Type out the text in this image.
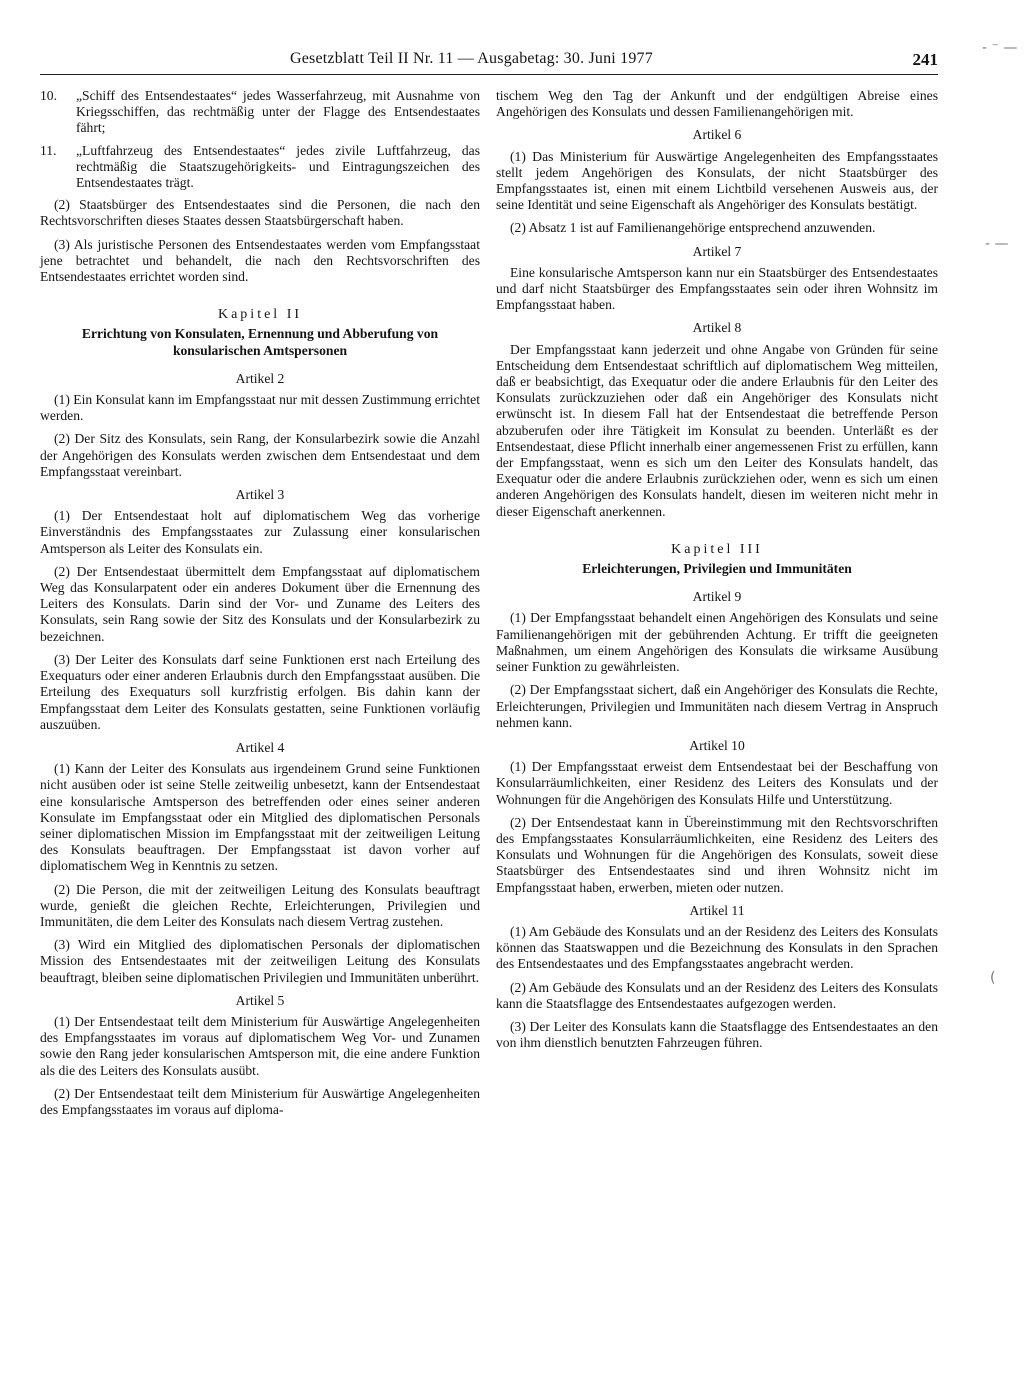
Gesetzblatt Teil II Nr. 11 — Ausgabetag: 30. Juni 1977	241
‐ ⁻ —
‐ —
(
10.	„Schiff des Entsendestaates“ jedes Wasserfahrzeug, mit Ausnahme von Kriegsschiffen, das rechtmäßig unter der Flagge des Entsendestaates fährt;
11.	„Luftfahrzeug des Entsendestaates“ jedes zivile Luftfahrzeug, das rechtmäßig die Staatszugehörigkeits- und Eintragungszeichen des Entsendestaates trägt.

(2) Staatsbürger des Entsendestaates sind die Personen, die nach den Rechtsvorschriften dieses Staates dessen Staatsbürgerschaft haben.

(3) Als juristische Personen des Entsendestaates werden vom Empfangsstaat jene betrachtet und behandelt, die nach den Rechtsvorschriften des Entsendestaates errichtet worden sind.

Kapitel II
Errichtung von Konsulaten, Ernennung und Abberufung von konsularischen Amtspersonen
Artikel 2

(1) Ein Konsulat kann im Empfangsstaat nur mit dessen Zustimmung errichtet werden.

(2) Der Sitz des Konsulats, sein Rang, der Konsularbezirk sowie die Anzahl der Angehörigen des Konsulats werden zwischen dem Entsendestaat und dem Empfangsstaat vereinbart.

Artikel 3

(1) Der Entsendestaat holt auf diplomatischem Weg das vorherige Einverständnis des Empfangsstaates zur Zulassung einer konsularischen Amtsperson als Leiter des Konsulats ein.

(2) Der Entsendestaat übermittelt dem Empfangsstaat auf diplomatischem Weg das Konsularpatent oder ein anderes Dokument über die Ernennung des Leiters des Konsulats. Darin sind der Vor- und Zuname des Leiters des Konsulats, sein Rang sowie der Sitz des Konsulats und der Konsularbezirk zu bezeichnen.

(3) Der Leiter des Konsulats darf seine Funktionen erst nach Erteilung des Exequaturs oder einer anderen Erlaubnis durch den Empfangsstaat ausüben. Die Erteilung des Exequaturs soll kurzfristig erfolgen. Bis dahin kann der Empfangsstaat dem Leiter des Konsulats gestatten, seine Funktionen vorläufig auszuüben.

Artikel 4

(1) Kann der Leiter des Konsulats aus irgendeinem Grund seine Funktionen nicht ausüben oder ist seine Stelle zeitweilig unbesetzt, kann der Entsendestaat eine konsularische Amtsperson des betreffenden oder eines seiner anderen Konsulate im Empfangsstaat oder ein Mitglied des diplomatischen Personals seiner diplomatischen Mission im Empfangsstaat mit der zeitweiligen Leitung des Konsulats beauftragen. Der Empfangsstaat ist davon vorher auf diplomatischem Weg in Kenntnis zu setzen.

(2) Die Person, die mit der zeitweiligen Leitung des Konsulats beauftragt wurde, genießt die gleichen Rechte, Erleichterungen, Privilegien und Immunitäten, die dem Leiter des Konsulats nach diesem Vertrag zustehen.

(3) Wird ein Mitglied des diplomatischen Personals der diplomatischen Mission des Entsendestaates mit der zeitweiligen Leitung des Konsulats beauftragt, bleiben seine diplomatischen Privilegien und Immunitäten unberührt.

Artikel 5

(1) Der Entsendestaat teilt dem Ministerium für Auswärtige Angelegenheiten des Empfangsstaates im voraus auf diplomatischem Weg Vor- und Zunamen sowie den Rang jeder konsularischen Amtsperson mit, die eine andere Funktion als die des Leiters des Konsulats ausübt.

(2) Der Entsendestaat teilt dem Ministerium für Auswärtige Angelegenheiten des Empfangsstaates im voraus auf diploma-

tischem Weg den Tag der Ankunft und der endgültigen Abreise eines Angehörigen des Konsulats und dessen Familienangehörigen mit.

Artikel 6

(1) Das Ministerium für Auswärtige Angelegenheiten des Empfangsstaates stellt jedem Angehörigen des Konsulats, der nicht Staatsbürger des Empfangsstaates ist, einen mit einem Lichtbild versehenen Ausweis aus, der seine Identität und seine Eigenschaft als Angehöriger des Konsulats bestätigt.

(2) Absatz 1 ist auf Familienangehörige entsprechend anzuwenden.

Artikel 7

Eine konsularische Amtsperson kann nur ein Staatsbürger des Entsendestaates und darf nicht Staatsbürger des Empfangsstaates sein oder ihren Wohnsitz im Empfangsstaat haben.

Artikel 8

Der Empfangsstaat kann jederzeit und ohne Angabe von Gründen für seine Entscheidung dem Entsendestaat schriftlich auf diplomatischem Weg mitteilen, daß er beabsichtigt, das Exequatur oder die andere Erlaubnis für den Leiter des Konsulats zurückzuziehen oder daß ein Angehöriger des Konsulats nicht erwünscht ist. In diesem Fall hat der Entsendestaat die betreffende Person abzuberufen oder ihre Tätigkeit im Konsulat zu beenden. Unterläßt es der Entsendestaat, diese Pflicht innerhalb einer angemessenen Frist zu erfüllen, kann der Empfangsstaat, wenn es sich um den Leiter des Konsulats handelt, das Exequatur oder die andere Erlaubnis zurückziehen oder, wenn es sich um einen anderen Angehörigen des Konsulats handelt, diesen im weiteren nicht mehr in dieser Eigenschaft anerkennen.

Kapitel III
Erleichterungen, Privilegien und Immunitäten
Artikel 9

(1) Der Empfangsstaat behandelt einen Angehörigen des Konsulats und seine Familienangehörigen mit der gebührenden Achtung. Er trifft die geeigneten Maßnahmen, um einem Angehörigen des Konsulats die wirksame Ausübung seiner Funktion zu gewährleisten.

(2) Der Empfangsstaat sichert, daß ein Angehöriger des Konsulats die Rechte, Erleichterungen, Privilegien und Immunitäten nach diesem Vertrag in Anspruch nehmen kann.

Artikel 10

(1) Der Empfangsstaat erweist dem Entsendestaat bei der Beschaffung von Konsularräumlichkeiten, einer Residenz des Leiters des Konsulats und der Wohnungen für die Angehörigen des Konsulats Hilfe und Unterstützung.

(2) Der Entsendestaat kann in Übereinstimmung mit den Rechtsvorschriften des Empfangsstaates Konsularräumlichkeiten, eine Residenz des Leiters des Konsulats und Wohnungen für die Angehörigen des Konsulats, soweit diese Staatsbürger des Entsendestaates sind und ihren Wohnsitz nicht im Empfangsstaat haben, erwerben, mieten oder nutzen.

Artikel 11

(1) Am Gebäude des Konsulats und an der Residenz des Leiters des Konsulats können das Staatswappen und die Bezeichnung des Konsulats in den Sprachen des Entsendestaates und des Empfangsstaates angebracht werden.

(2) Am Gebäude des Konsulats und an der Residenz des Leiters des Konsulats kann die Staatsflagge des Entsendestaates aufgezogen werden.

(3) Der Leiter des Konsulats kann die Staatsflagge des Entsendestaates an den von ihm dienstlich benutzten Fahrzeugen führen.
